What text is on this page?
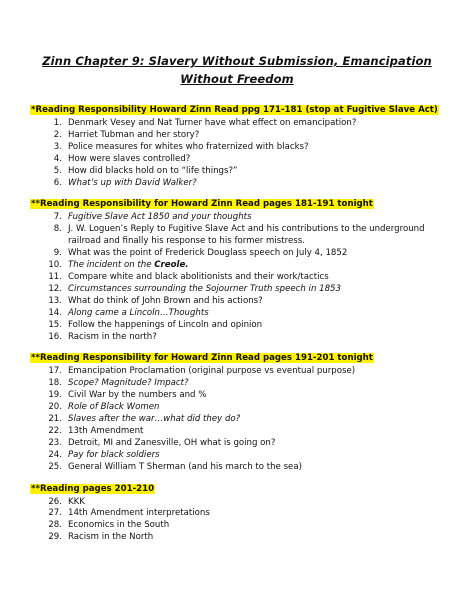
Zinn Chapter 9: Slavery Without Submission, Emancipation Without Freedom
*Reading Responsibility Howard Zinn Read ppg 171-181 (stop at Fugitive Slave Act)
1. Denmark Vesey and Nat Turner have what effect on emancipation?
2. Harriet Tubman and her story?
3. Police measures for whites who fraternized with blacks?
4. How were slaves controlled?
5. How did blacks hold on to “life things?”
6. What’s up with David Walker?
**Reading Responsibility for Howard Zinn Read pages 181-191 tonight
7. Fugitive Slave Act 1850 and your thoughts
8. J. W. Loguen’s Reply to Fugitive Slave Act and his contributions to the underground railroad and finally his response to his former mistress.
9. What was the point of Frederick Douglass speech on July 4, 1852
10. The incident on the Creole.
11. Compare white and black abolitionists and their work/tactics
12. Circumstances surrounding the Sojourner Truth speech in 1853
13. What do think of John Brown and his actions?
14. Along came a Lincoln…Thoughts
15. Follow the happenings of Lincoln and opinion
16. Racism in the north?
**Reading Responsibility for Howard Zinn Read pages 191-201 tonight
17. Emancipation Proclamation (original purpose vs eventual purpose)
18. Scope? Magnitude? Impact?
19. Civil War by the numbers and %
20. Role of Black Women
21. Slaves after the war…what did they do?
22. 13th Amendment
23. Detroit, MI and Zanesville, OH what is going on?
24. Pay for black soldiers
25. General William T Sherman (and his march to the sea)
**Reading pages 201-210
26. KKK
27. 14th Amendment interpretations
28. Economics in the South
29. Racism in the North
